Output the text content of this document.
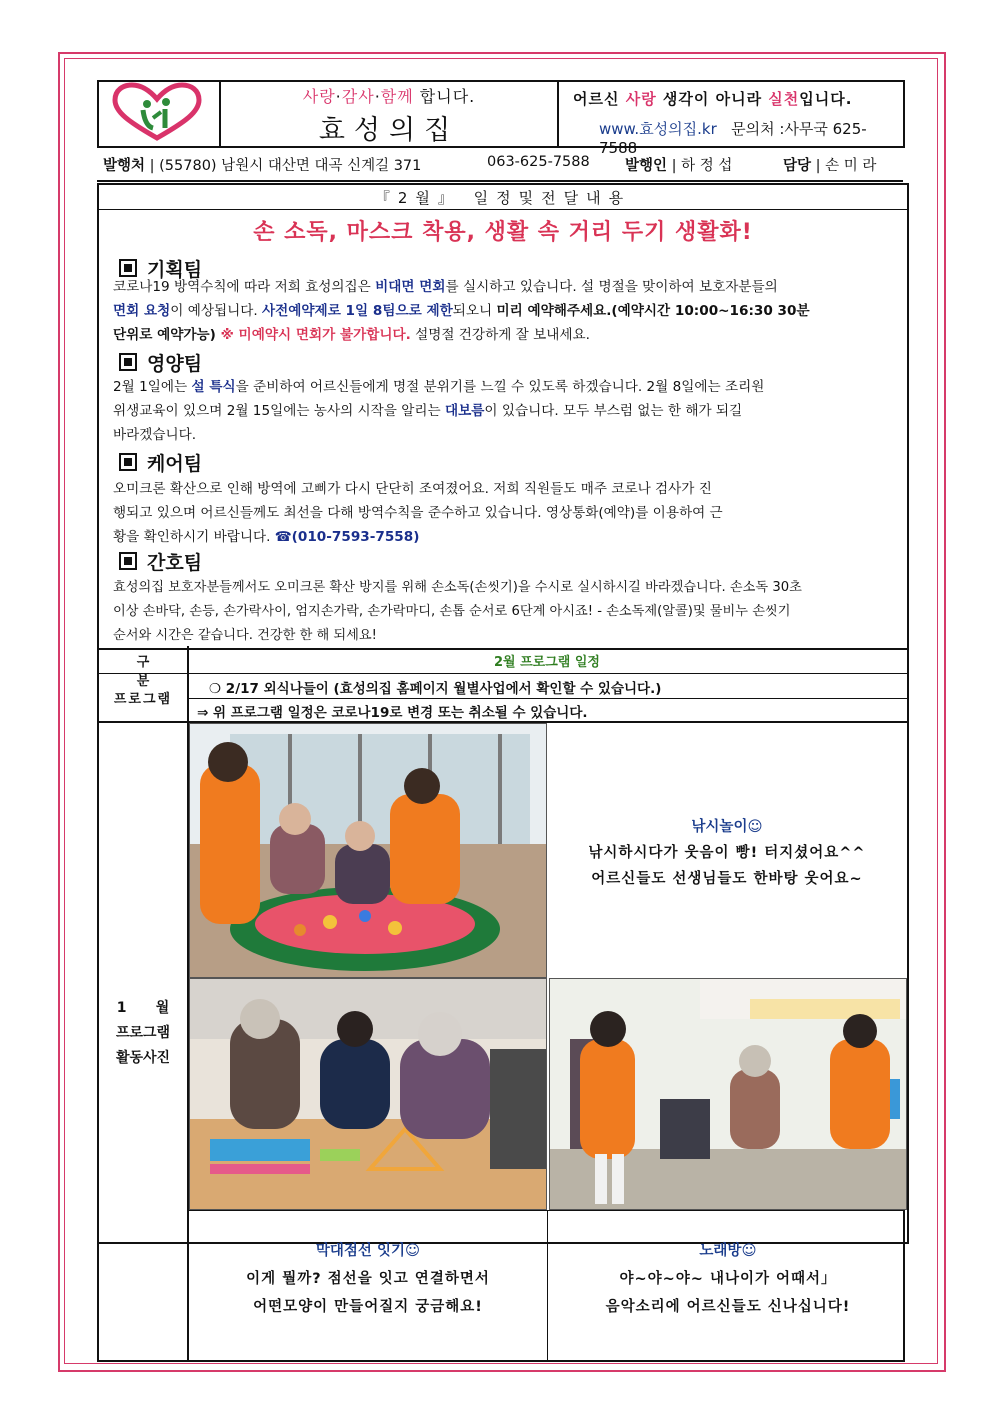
사랑·감사·함께 합니다.
효성의집
어르신 사랑 생각이 아니라 실천입니다.
www.효성의집.kr 문의처 :사무국 625-7588
발행처 | (55780) 남원시 대산면 대곡 신계길 371	063-625-7588 발행인 | 하 정 섭	담당 | 손 미 라
『2월』 일정및전달내용
손 소독, 마스크 착용, 생활 속 거리 두기 생활화!
기획팀
코로나19 방역수칙에 따라 저희 효성의집은 비대면 면회를 실시하고 있습니다. 설 명절을 맞이하여 보호자분들의
면회 요청이 예상됩니다. 사전예약제로 1일 8팀으로 제한되오니 미리 예약해주세요.(예약시간 10:00~16:30 30분
단위로 예약가능) ※ 미예약시 면회가 불가합니다. 설명절 건강하게 잘 보내세요.
영양팀
2월 1일에는 설 특식을 준비하여 어르신들에게 명절 분위기를 느낄 수 있도록 하겠습니다. 2월 8일에는 조리원
위생교육이 있으며 2월 15일에는 농사의 시작을 알리는 대보름이 있습니다. 모두 부스럼 없는 한 해가 되길
바라겠습니다.
케어팀
오미크론 확산으로 인해 방역에 고삐가 다시 단단히 조여졌어요. 저희 직원들도 매주 코로나 검사가 진
행되고 있으며 어르신들께도 최선을 다해 방역수칙을 준수하고 있습니다. 영상통화(예약)를 이용하여 근
황을 확인하시기 바랍니다. ☎(010-7593-7558)
간호팀
효성의집 보호자분들께서도 오미크론 확산 방지를 위해 손소독(손씻기)을 수시로 실시하시길 바라겠습니다. 손소독 30초
이상 손바닥, 손등, 손가락사이, 엄지손가락, 손가락마디, 손톱 순서로 6단계 아시죠! - 손소독제(알콜)및 물비누 손씻기
순서와 시간은 같습니다. 건강한 한 해 되세요!
구분
2월 프로그램 일정
프로그램
❍ 2/17 외식나들이 (효성의집 홈페이지 월별사업에서 확인할 수 있습니다.)
⇒ 위 프로그램 일정은 코로나19로 변경 또는 취소될 수 있습니다.
1      월
프로그램
활동사진
낚시놀이☺
낚시하시다가 웃음이 빵! 터지셨어요^^
어르신들도 선생님들도 한바탕 웃어요~
막대점선 잇기☺
이게 뭘까? 점선을 잇고 연결하면서
어떤모양이 만들어질지 궁금해요!
노래방☺
야~야~야~ 내나이가 어때서」
음악소리에 어르신들도 신나십니다!
